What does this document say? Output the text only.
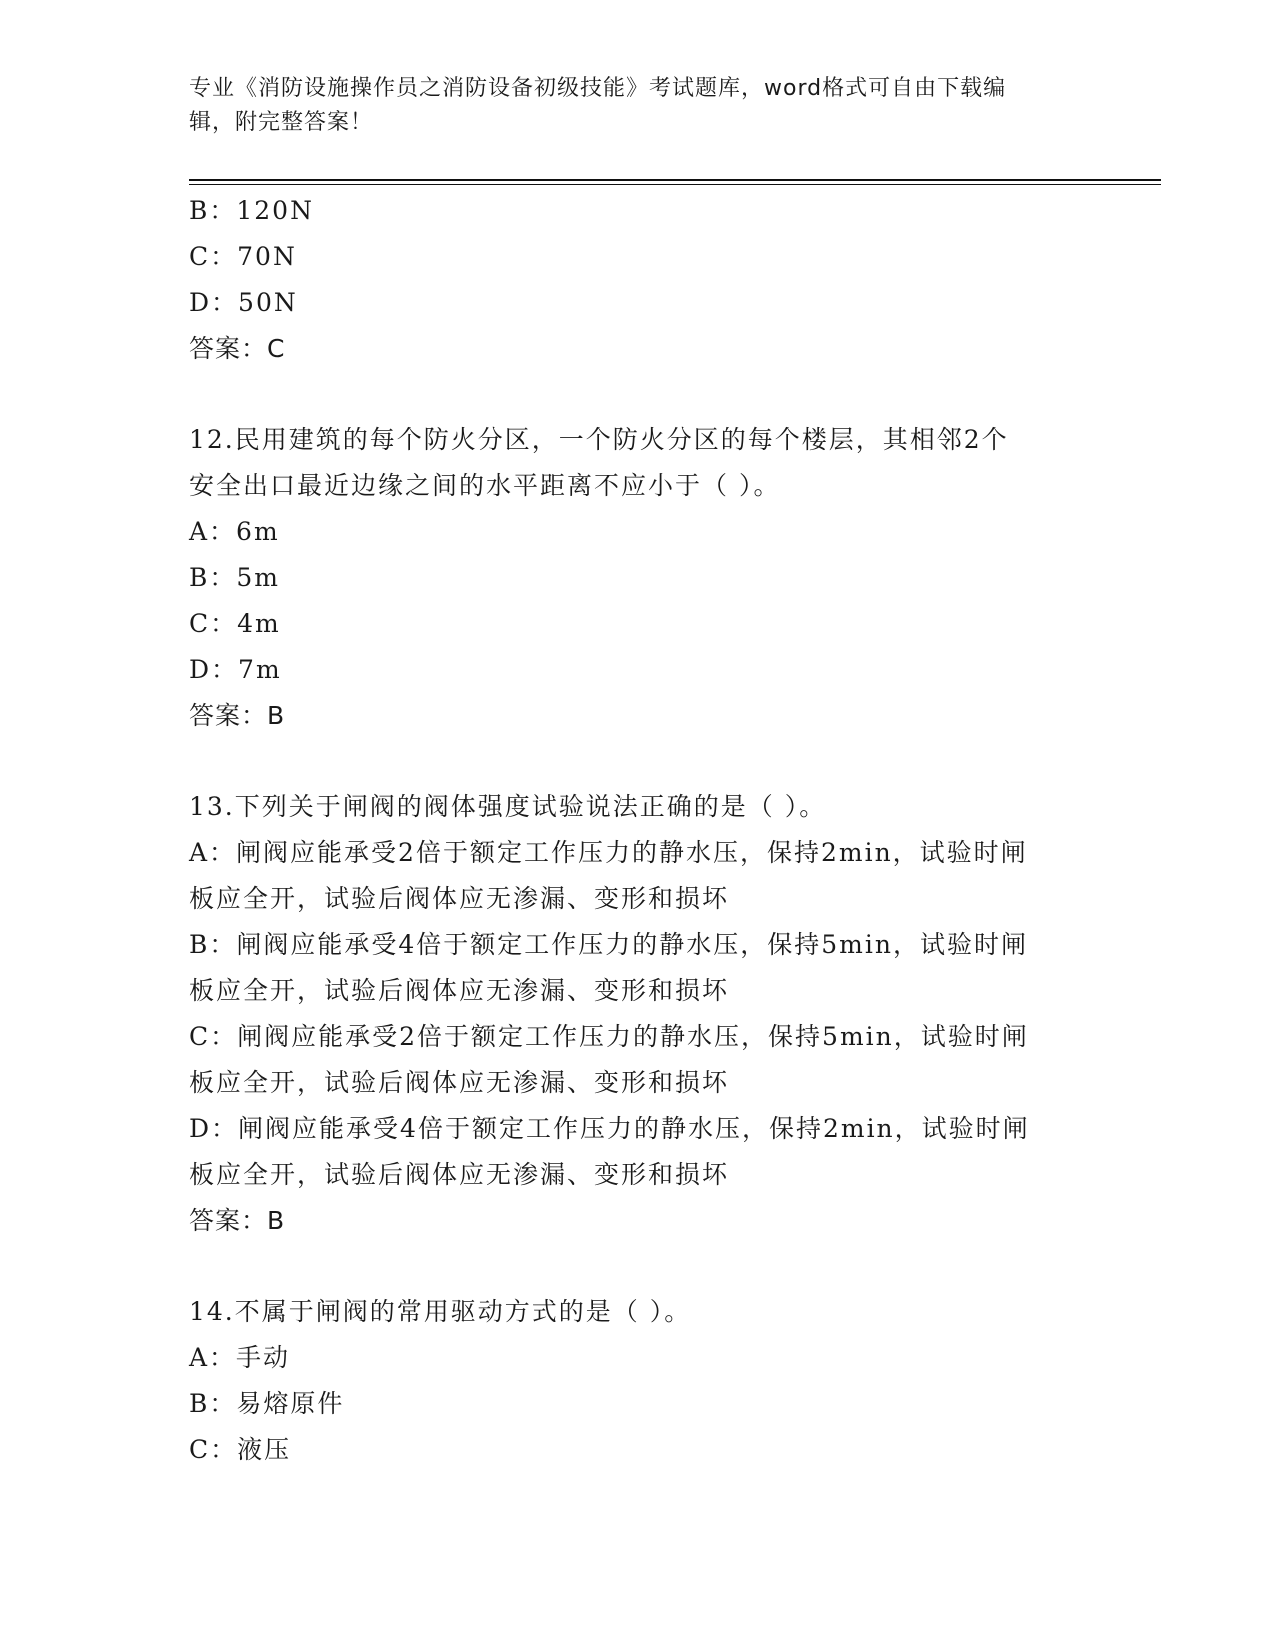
专业《消防设施操作员之消防设备初级技能》考试题库，word格式可自由下载编
辑，附完整答案！
B：120N
C：70N
D：50N
答案：C
12.民用建筑的每个防火分区，一个防火分区的每个楼层，其相邻2个
安全出口最近边缘之间的水平距离不应小于（ ）。
A：6m
B：5m
C：4m
D：7m
答案：B
13.下列关于闸阀的阀体强度试验说法正确的是（ ）。
A：闸阀应能承受2倍于额定工作压力的静水压，保持2min，试验时闸
板应全开，试验后阀体应无渗漏、变形和损坏
B：闸阀应能承受4倍于额定工作压力的静水压，保持5min，试验时闸
板应全开，试验后阀体应无渗漏、变形和损坏
C：闸阀应能承受2倍于额定工作压力的静水压，保持5min，试验时闸
板应全开，试验后阀体应无渗漏、变形和损坏
D：闸阀应能承受4倍于额定工作压力的静水压，保持2min，试验时闸
板应全开，试验后阀体应无渗漏、变形和损坏
答案：B
14.不属于闸阀的常用驱动方式的是（ ）。
A：手动
B：易熔原件
C：液压
